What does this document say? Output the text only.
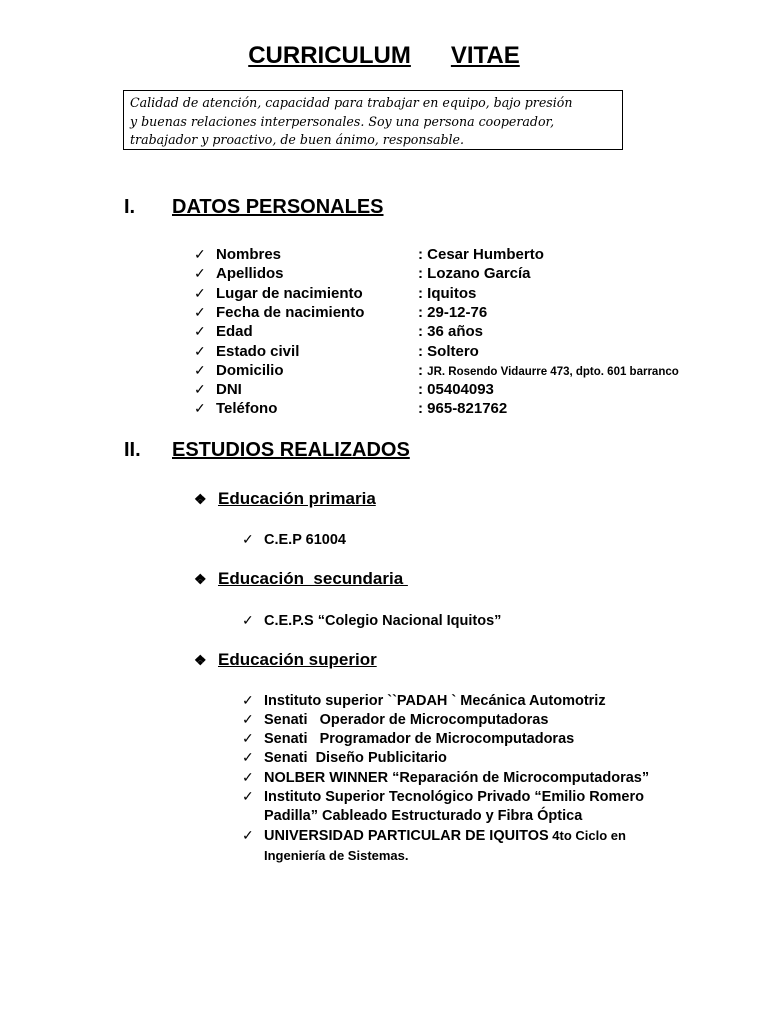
CURRICULUM VITAE
Calidad de atención, capacidad para trabajar en equipo, bajo presión
y buenas relaciones interpersonales. Soy una persona cooperador,
trabajador y proactivo, de buen ánimo, responsable.
I. DATOS PERSONALES
✓ Nombres	: Cesar Humberto
✓ Apellidos	: Lozano García
✓ Lugar de nacimiento	: Iquitos
✓ Fecha de nacimiento	: 29-12-76
✓ Edad	: 36 años
✓ Estado civil	: Soltero
✓ Domicilio	: JR. Rosendo Vidaurre 473, dpto. 601 barranco
✓ DNI	: 05404093
✓ Teléfono	: 965-821762
II. ESTUDIOS REALIZADOS
❖ Educación primaria
✓ C.E.P 61004
❖ Educación  secundaria
✓ C.E.P.S “Colegio Nacional Iquitos”
❖ Educación superior
✓ Instituto superior ``PADAH ` Mecánica Automotriz
✓ Senati   Operador de Microcomputadoras
✓ Senati   Programador de Microcomputadoras
✓ Senati  Diseño Publicitario
✓ NOLBER WINNER “Reparación de Microcomputadoras”
✓ Instituto Superior Tecnológico Privado “Emilio Romero
Padilla” Cableado Estructurado y Fibra Óptica
✓ UNIVERSIDAD PARTICULAR DE IQUITOS 4to Ciclo en
Ingeniería de Sistemas.
